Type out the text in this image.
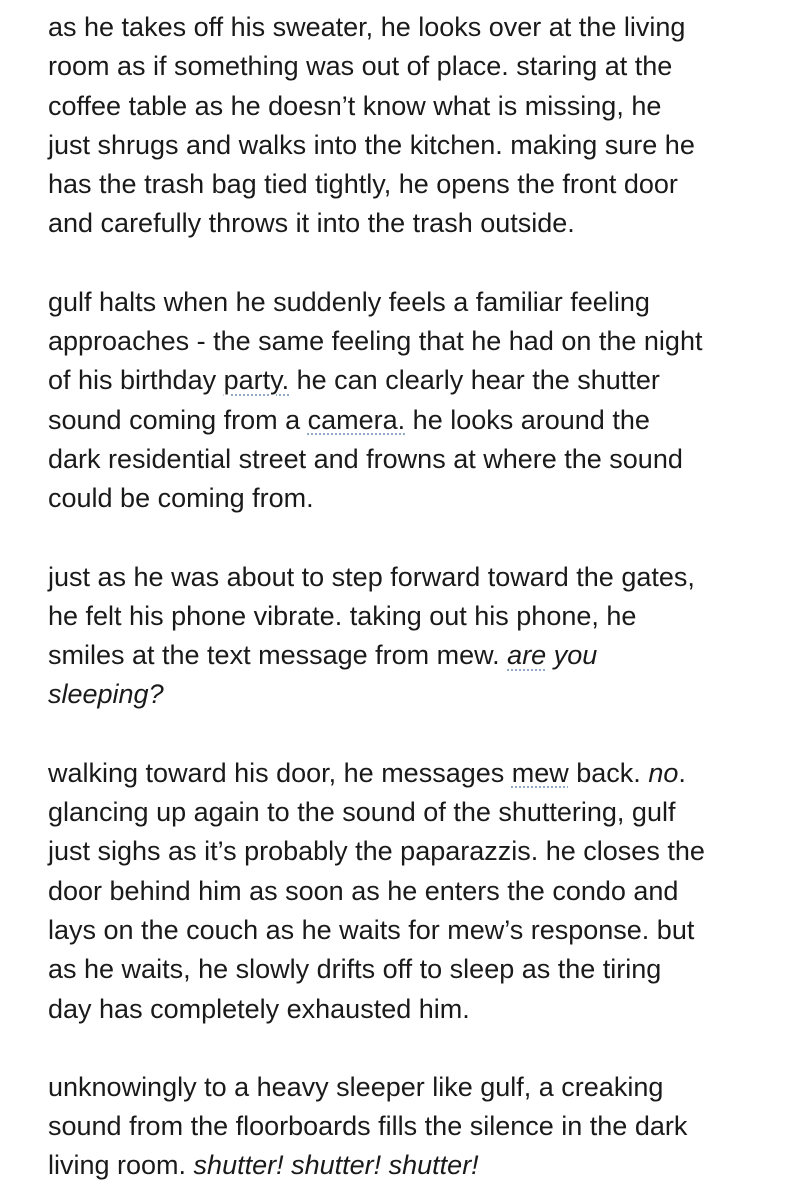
as he takes off his sweater, he looks over at the living
room as if something was out of place. staring at the
coffee table as he doesn’t know what is missing, he
just shrugs and walks into the kitchen. making sure he
has the trash bag tied tightly, he opens the front door
and carefully throws it into the trash outside.

gulf halts when he suddenly feels a familiar feeling
approaches - the same feeling that he had on the night
of his birthday party. he can clearly hear the shutter
sound coming from a camera. he looks around the
dark residential street and frowns at where the sound
could be coming from.

just as he was about to step forward toward the gates,
he felt his phone vibrate. taking out his phone, he
smiles at the text message from mew. are you
sleeping?

walking toward his door, he messages mew back. no.
glancing up again to the sound of the shuttering, gulf
just sighs as it’s probably the paparazzis. he closes the
door behind him as soon as he enters the condo and
lays on the couch as he waits for mew’s response. but
as he waits, he slowly drifts off to sleep as the tiring
day has completely exhausted him.

unknowingly to a heavy sleeper like gulf, a creaking
sound from the floorboards fills the silence in the dark
living room. shutter! shutter! shutter!
